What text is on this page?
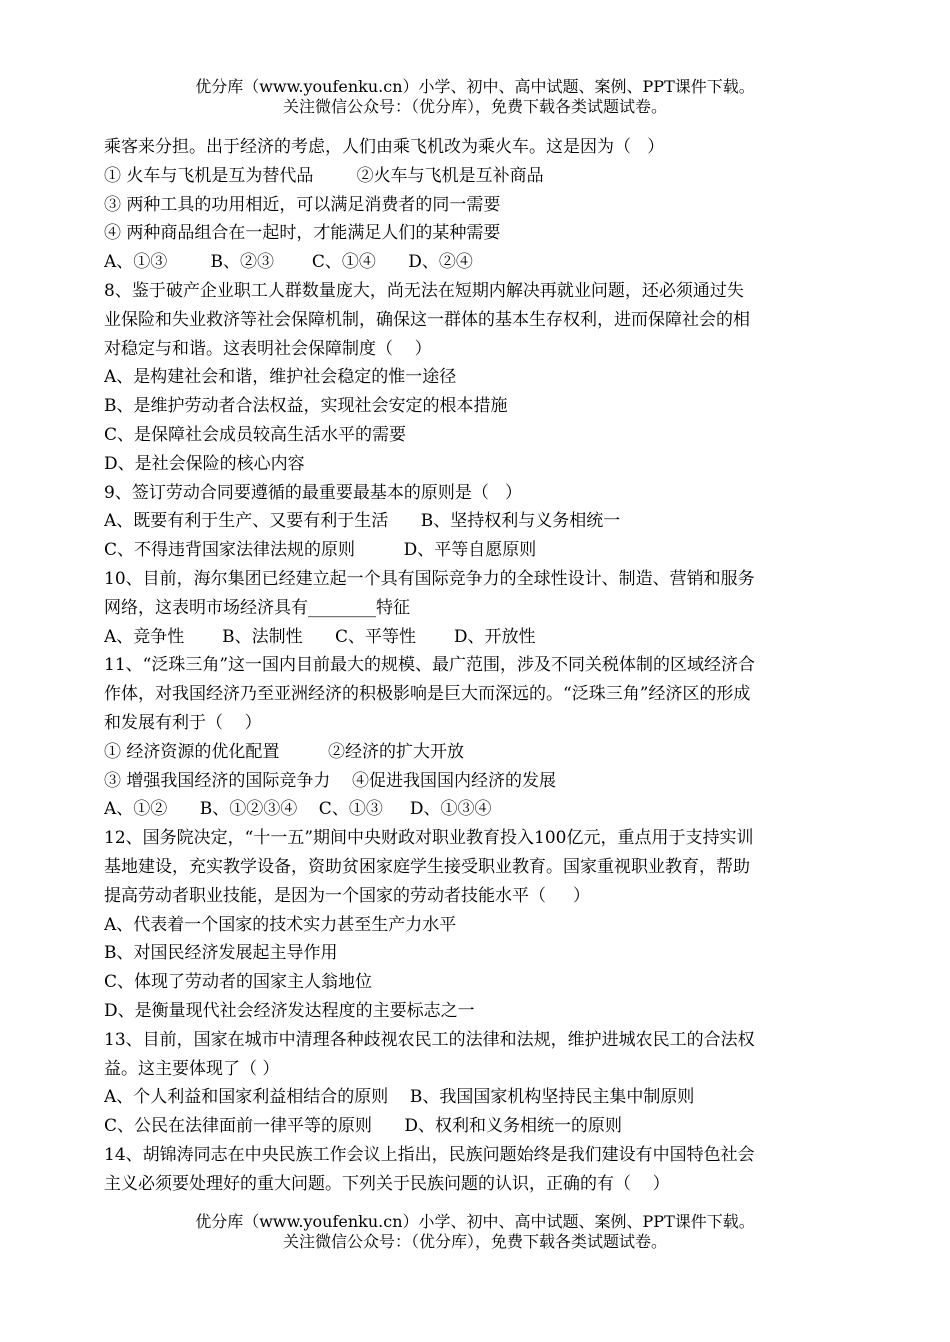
优分库（www.youfenku.cn）小学、初中、高中试题、案例、PPT课件下载。
关注微信公众号：（优分库），免费下载各类试题试卷。
乘客来分担。出于经济的考虑，人们由乘飞机改为乘火车。这是因为（   ）
① 火车与飞机是互为替代品        ②火车与飞机是互补商品
③ 两种工具的功用相近，可以满足消费者的同一需要
④ 两种商品组合在一起时，才能满足人们的某种需要
A、①③        B、②③       C、①④      D、②④
8、鉴于破产企业职工人群数量庞大，尚无法在短期内解决再就业问题，还必须通过失
业保险和失业救济等社会保障机制，确保这一群体的基本生存权利，进而保障社会的相
对稳定与和谐。这表明社会保障制度（    ）
A、是构建社会和谐，维护社会稳定的惟一途径
B、是维护劳动者合法权益，实现社会安定的根本措施
C、是保障社会成员较高生活水平的需要
D、是社会保险的核心内容
9、签订劳动合同要遵循的最重要最基本的原则是（   ）
A、既要有利于生产、又要有利于生活      B、坚持权利与义务相统一
C、不得违背国家法律法规的原则         D、平等自愿原则
10、目前，海尔集团已经建立起一个具有国际竞争力的全球性设计、制造、营销和服务
网络，这表明市场经济具有________特征
A、竞争性       B、法制性      C、平等性       D、开放性
11、“泛珠三角”这一国内目前最大的规模、最广范围，涉及不同关税体制的区域经济合
作体，对我国经济乃至亚洲经济的积极影响是巨大而深远的。“泛珠三角”经济区的形成
和发展有利于（    ）
① 经济资源的优化配置         ②经济的扩大开放
③ 增强我国经济的国际竞争力    ④促进我国国内经济的发展
A、①②      B、①②③④    C、①③     D、①③④
12、国务院决定，“十一五”期间中央财政对职业教育投入100亿元，重点用于支持实训
基地建设，充实教学设备，资助贫困家庭学生接受职业教育。国家重视职业教育，帮助
提高劳动者职业技能，是因为一个国家的劳动者技能水平（     ）
A、代表着一个国家的技术实力甚至生产力水平
B、对国民经济发展起主导作用
C、体现了劳动者的国家主人翁地位
D、是衡量现代社会经济发达程度的主要标志之一
13、目前，国家在城市中清理各种歧视农民工的法律和法规，维护进城农民工的合法权
益。这主要体现了（ ）
A、个人利益和国家利益相结合的原则    B、我国国家机构坚持民主集中制原则
C、公民在法律面前一律平等的原则      D、权利和义务相统一的原则
14、胡锦涛同志在中央民族工作会议上指出，民族问题始终是我们建设有中国特色社会
主义必须要处理好的重大问题。下列关于民族问题的认识，正确的有（    ）
优分库（www.youfenku.cn）小学、初中、高中试题、案例、PPT课件下载。
关注微信公众号：（优分库），免费下载各类试题试卷。
